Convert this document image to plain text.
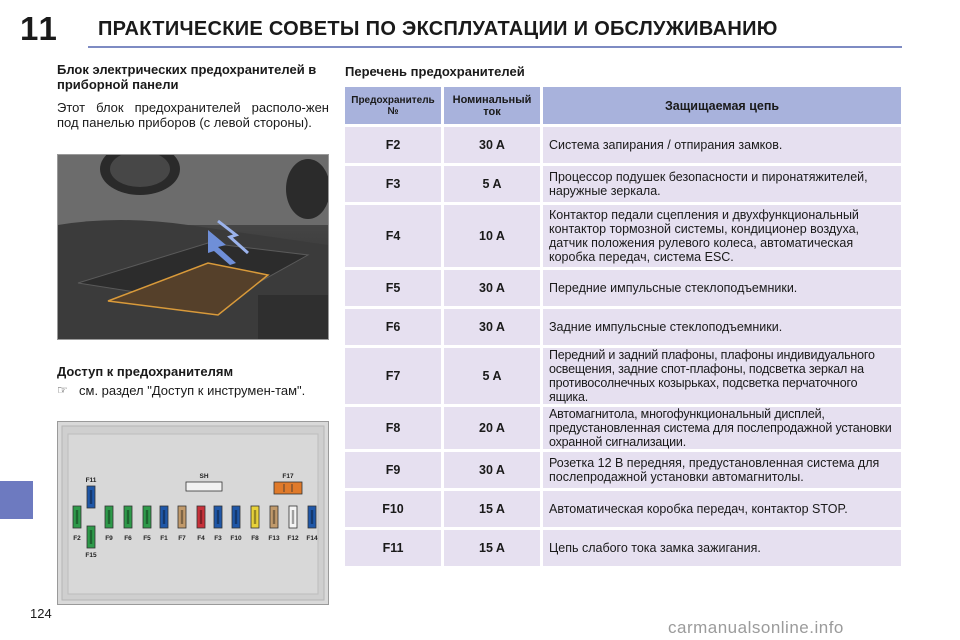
11 ПРАКТИЧЕСКИЕ СОВЕТЫ ПО ЭКСПЛУАТАЦИИ И ОБСЛУЖИВАНИЮ
Блок электрических предохранителей в приборной панели
Этот блок предохранителей располо-жен под панелью приборов (с левой стороны).
Доступ к предохранителям
☞ см. раздел "Доступ к инструмен-там".
F2	F9 F6 F5 F1 F7 F4 F3 F10 F8 F13 F12 F14
F11
F15
SH	F17
Перечень предохранителей
Предохранитель №	Номинальный ток	Защищаемая цепь
F2	30 A	Система запирания / отпирания замков.
F3	5 A	Процессор подушек безопасности и пиронатяжителей, наружные зеркала.
F4	10 A	Контактор педали сцепления и двухфункциональный контактор тормозной системы, кондиционер воздуха, датчик положения рулевого колеса, автоматическая коробка передач, система ESC.
F5	30 A	Передние импульсные стеклоподъемники.
F6	30 A	Задние импульсные стеклоподъемники.
F7	5 A	Передний и задний плафоны, плафоны индивидуального освещения, задние спот-плафоны, подсветка зеркал на противосолнечных козырьках, подсветка перчаточного ящика.
F8	20 A	Автомагнитола, многофункциональный дисплей, предустановленная система для послепродажной установки охранной сигнализации.
F9	30 A	Розетка 12 В передняя, предустановленная система для послепродажной установки автомагнитолы.
F10	15 A	Автоматическая коробка передач, контактор STOP.
F11	15 A	Цепь слабого тока замка зажигания.
124
carmanualsonline.info
